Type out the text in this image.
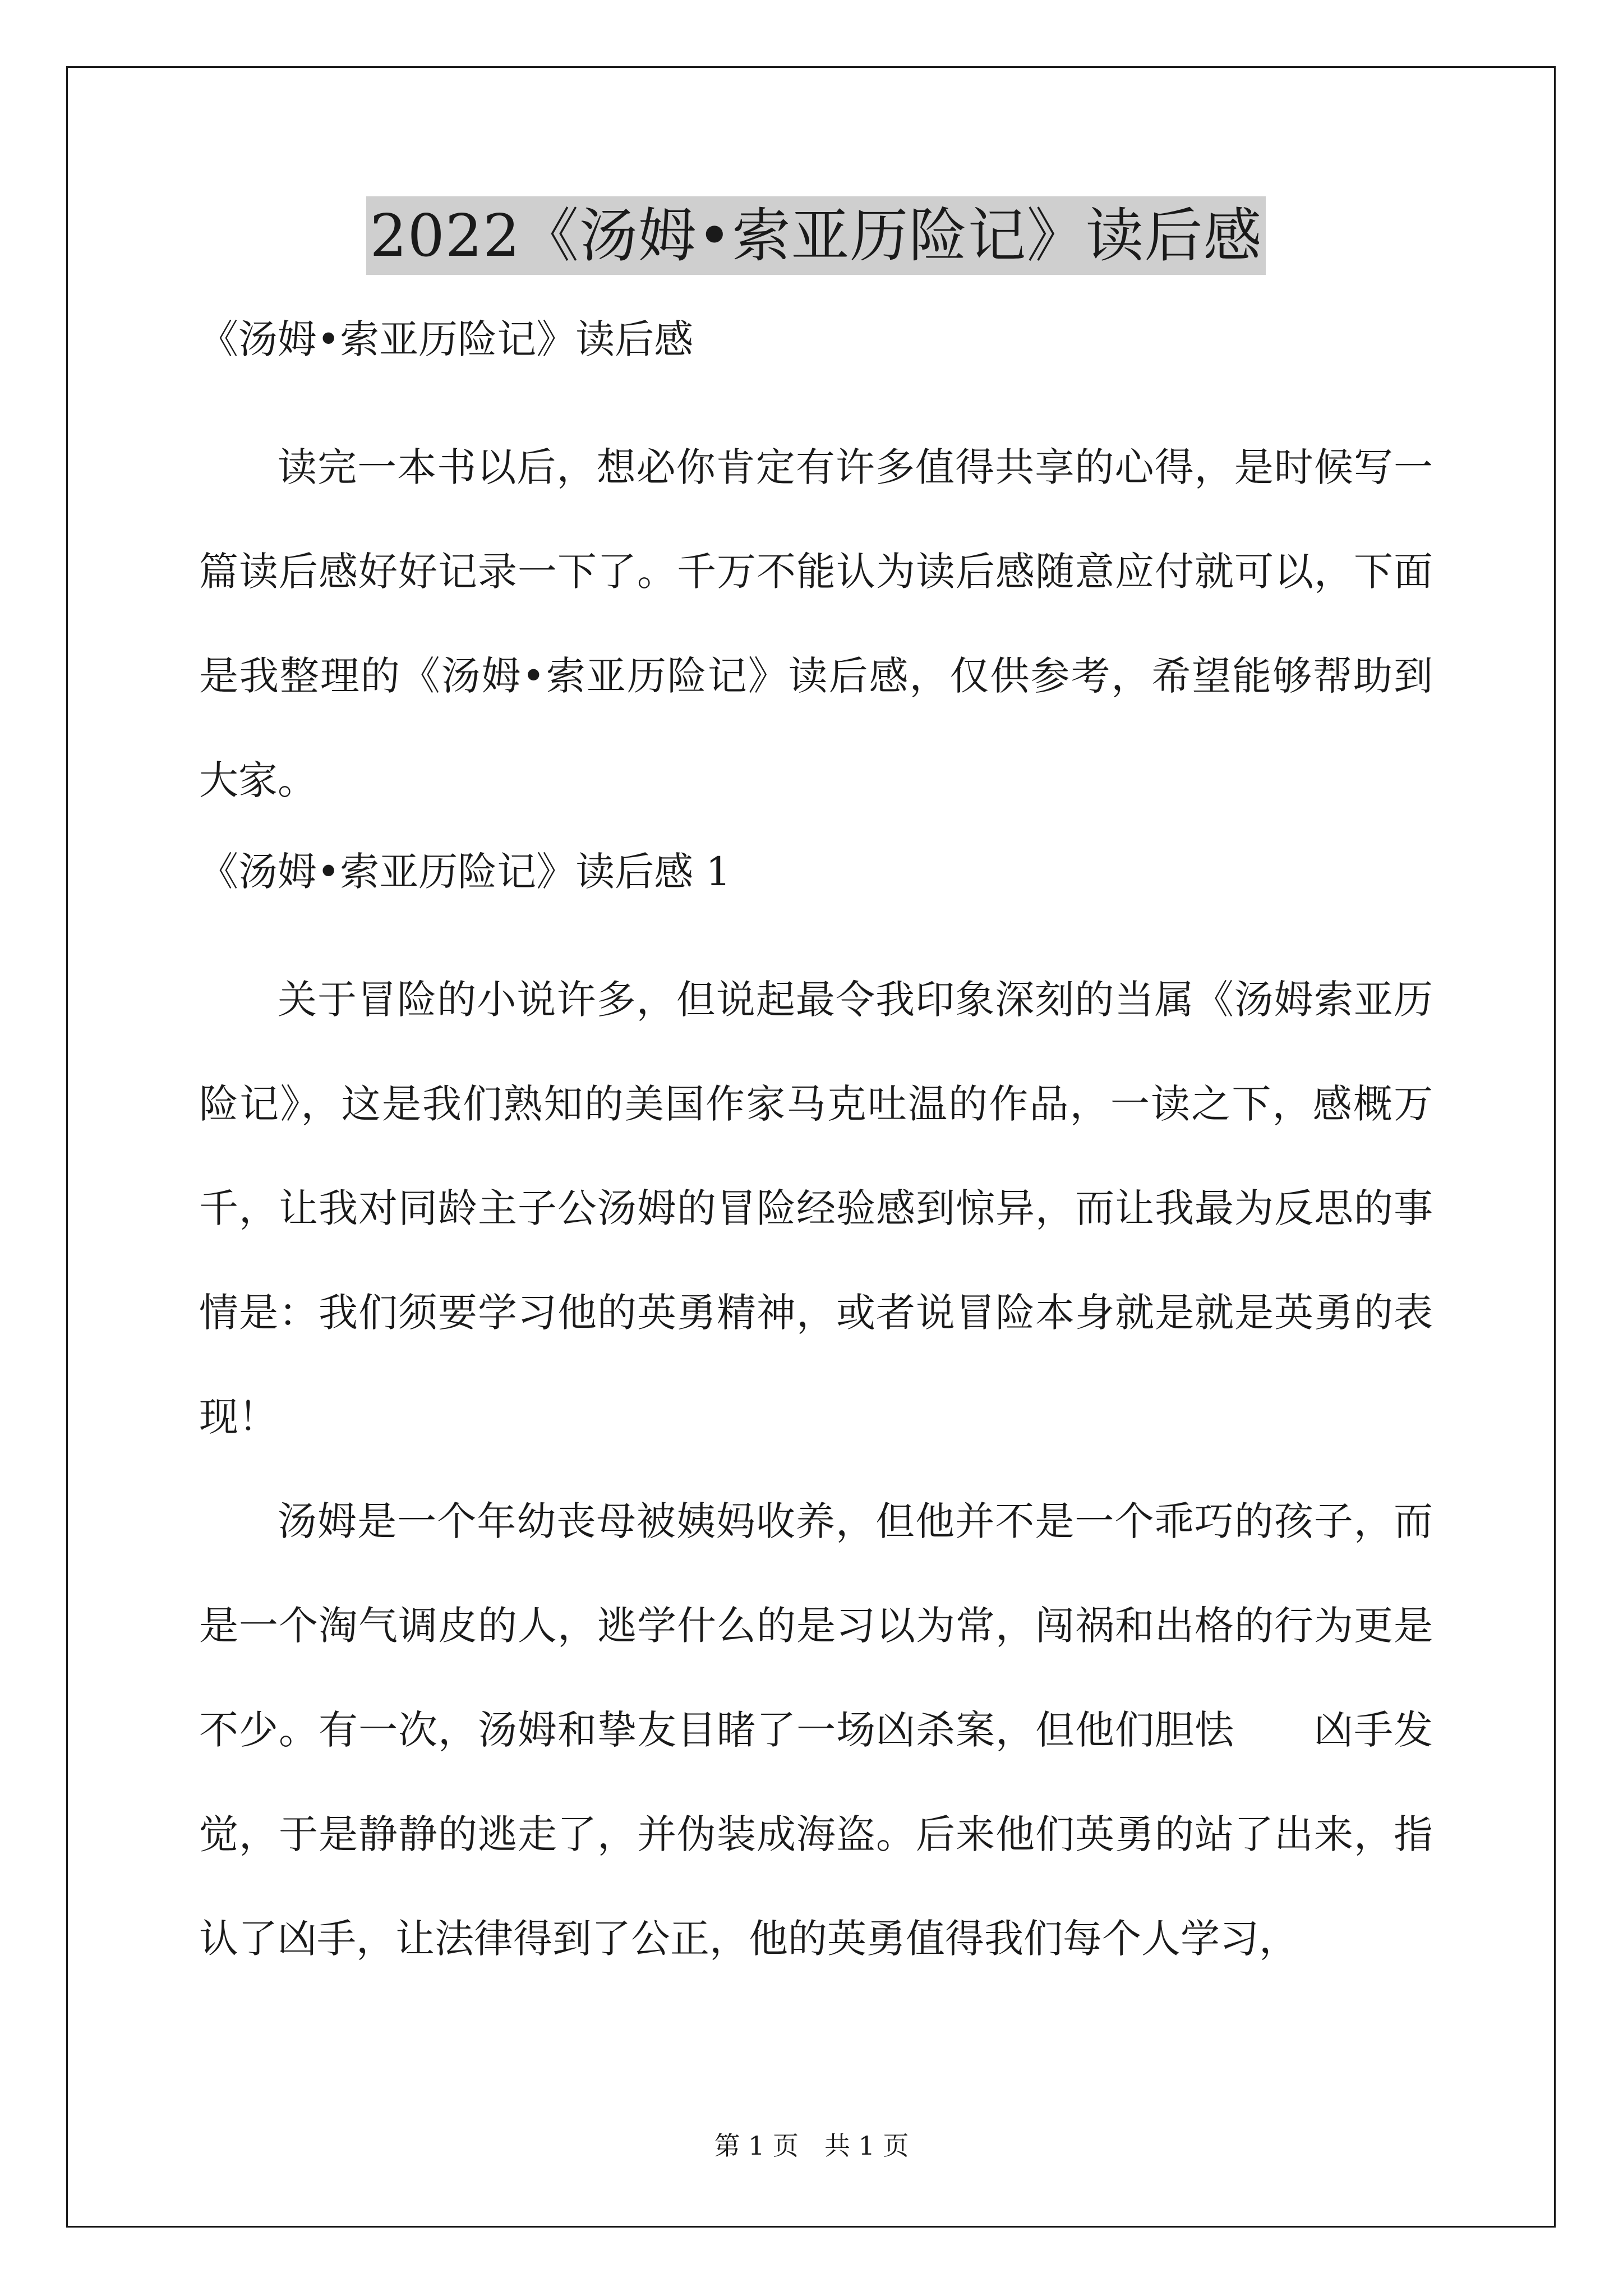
2022《汤姆•索亚历险记》读后感
《汤姆•索亚历险记》读后感

读完一本书以后，想必你肯定有许多值得共享的心得，是时候写一篇读后感好好记录一下了。千万不能认为读后感随意应付就可以，下面是我整理的《汤姆•索亚历险记》读后感，仅供参考，希望能够帮助到大家。

《汤姆•索亚历险记》读后感 1

关于冒险的小说许多，但说起最令我印象深刻的当属《汤姆索亚历险记》，这是我们熟知的美国作家马克吐温的作品，一读之下，感概万千，让我对同龄主子公汤姆的冒险经验感到惊异，而让我最为反思的事情是：我们须要学习他的英勇精神，或者说冒险本身就是就是英勇的表现！

汤姆是一个年幼丧母被姨妈收养，但他并不是一个乖巧的孩子，而是一个淘气调皮的人，逃学什么的是习以为常，闯祸和出格的行为更是不少。有一次，汤姆和挚友目睹了一场凶杀案，但他们胆怯　　凶手发觉，于是静静的逃走了，并伪装成海盗。后来他们英勇的站了出来，指认了凶手，让法律得到了公正，他的英勇值得我们每个人学习，

第 1 页　共 1 页
